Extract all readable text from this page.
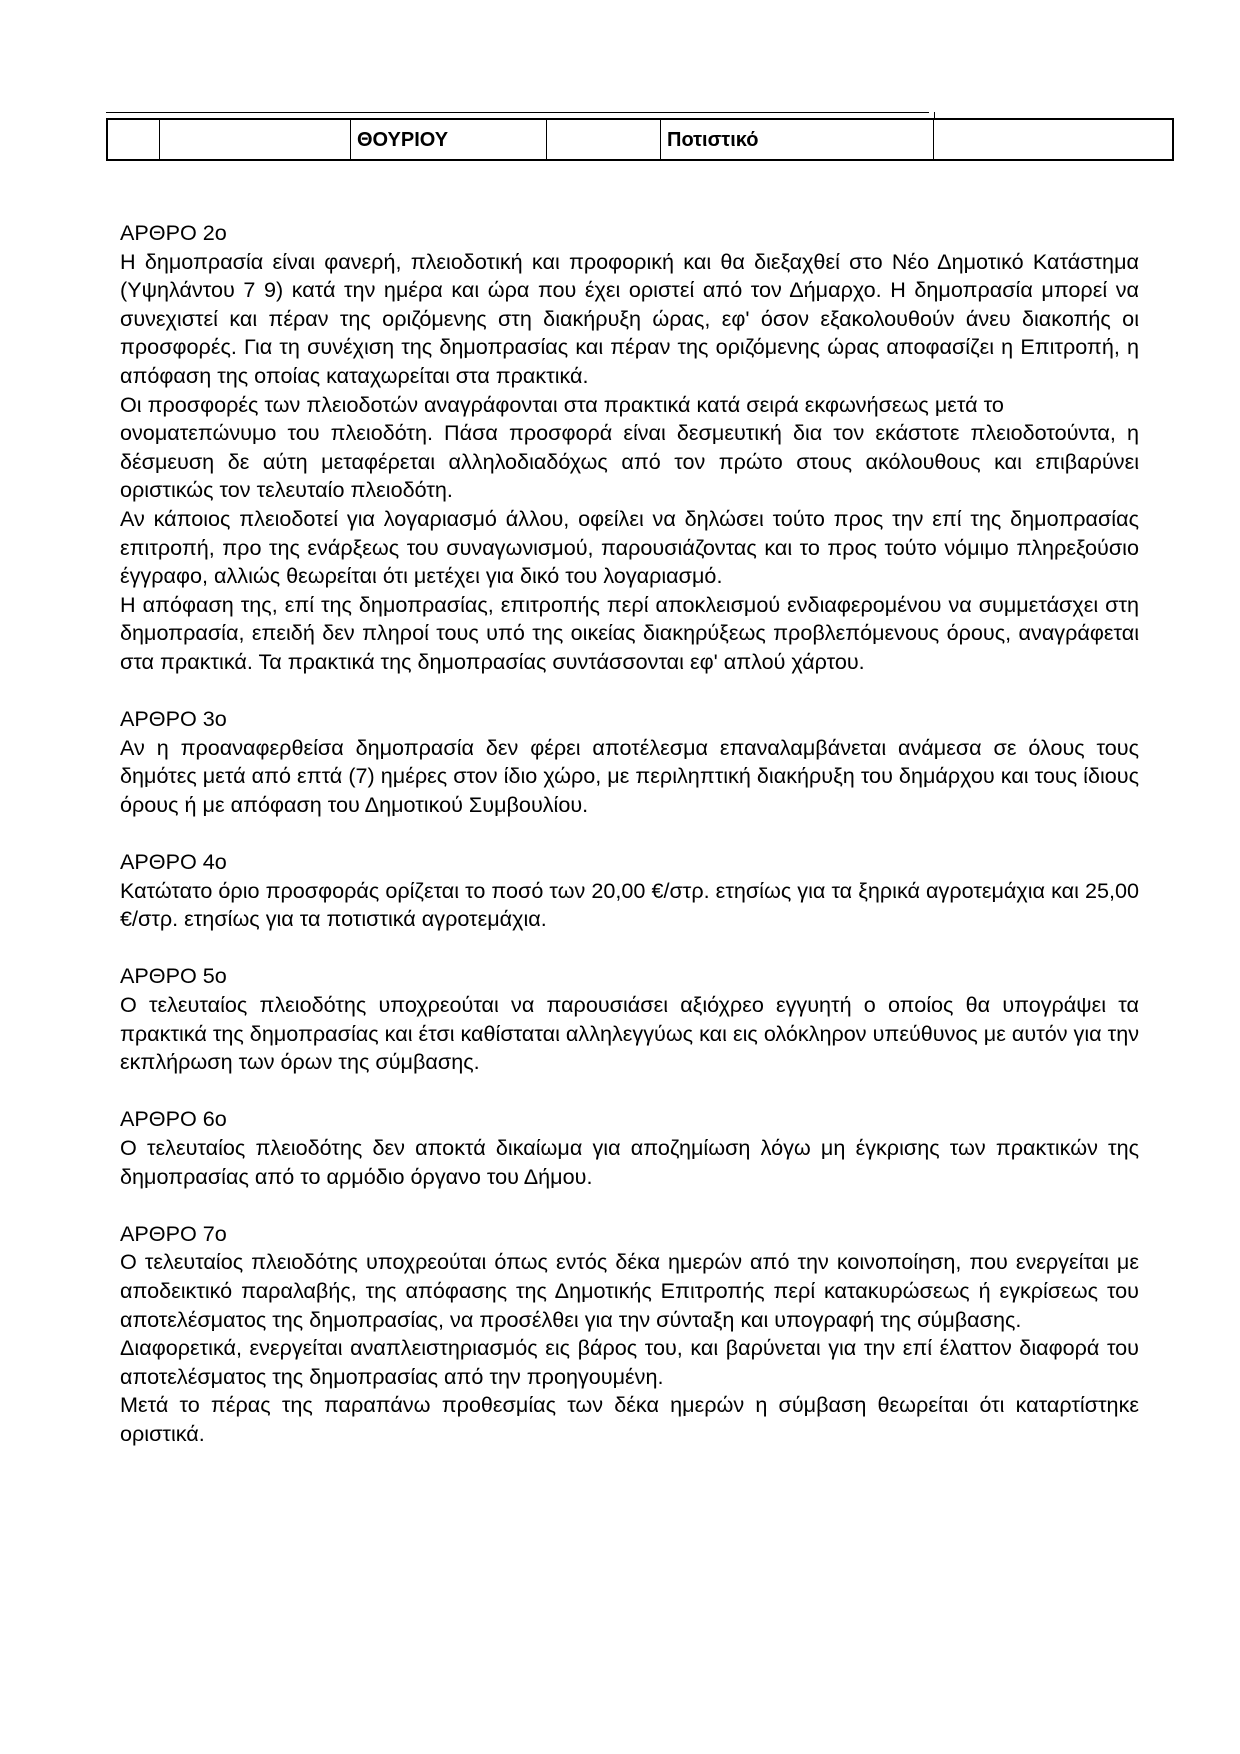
ΘΟΥΡΙΟΥ	Ποτιστικό

ΑΡΘΡΟ 2ο

Η δημοπρασία είναι φανερή, πλειοδοτική και προφορική και θα διεξαχθεί στο Νέο Δημοτικό Κατάστημα (Υψηλάντου 7 9) κατά την ημέρα και ώρα που έχει οριστεί από τον Δήμαρχο. Η δημοπρασία μπορεί να συνεχιστεί και πέραν της οριζόμενης στη διακήρυξη ώρας, εφ' όσον εξακολουθούν άνευ διακοπής οι προσφορές. Για τη συνέχιση της δημοπρασίας και πέραν της οριζόμενης ώρας αποφασίζει η Επιτροπή, η απόφαση της οποίας καταχωρείται στα πρακτικά.

Οι προσφορές των πλειοδοτών αναγράφονται στα πρακτικά κατά σειρά εκφωνήσεως μετά το

ονοματεπώνυμο του πλειοδότη. Πάσα προσφορά είναι δεσμευτική δια τον εκάστοτε πλειοδοτούντα, η δέσμευση δε αύτη μεταφέρεται αλληλοδιαδόχως από τον πρώτο στους ακόλουθους και επιβαρύνει οριστικώς τον τελευταίο πλειοδότη.

Αν κάποιος πλειοδοτεί για λογαριασμό άλλου, οφείλει να δηλώσει τούτο προς την επί της δημοπρασίας επιτροπή, προ της ενάρξεως του συναγωνισμού, παρουσιάζοντας και το προς τούτο νόμιμο πληρεξούσιο έγγραφο, αλλιώς θεωρείται ότι μετέχει για δικό του λογαριασμό.

Η απόφαση της, επί της δημοπρασίας, επιτροπής περί αποκλεισμού ενδιαφερομένου να συμμετάσχει στη δημοπρασία, επειδή δεν πληροί τους υπό της οικείας διακηρύξεως προβλεπόμενους όρους, αναγράφεται στα πρακτικά. Τα πρακτικά της δημοπρασίας συντάσσονται εφ' απλού χάρτου.

ΑΡΘΡΟ 3ο

Αν η προαναφερθείσα δημοπρασία δεν φέρει αποτέλεσμα επαναλαμβάνεται ανάμεσα σε όλους τους δημότες μετά από επτά (7) ημέρες στον ίδιο χώρο, με περιληπτική διακήρυξη του δημάρχου και τους ίδιους όρους ή με απόφαση του Δημοτικού Συμβουλίου.

ΑΡΘΡΟ 4ο

Κατώτατο όριο προσφοράς ορίζεται το ποσό των 20,00 €/στρ. ετησίως για τα ξηρικά αγροτεμάχια και 25,00 €/στρ. ετησίως για τα ποτιστικά αγροτεμάχια.

ΑΡΘΡΟ 5ο

Ο τελευταίος πλειοδότης υποχρεούται να παρουσιάσει αξιόχρεο εγγυητή ο οποίος θα υπογράψει τα πρακτικά της δημοπρασίας και έτσι καθίσταται αλληλεγγύως και εις ολόκληρον υπεύθυνος με αυτόν για την εκπλήρωση των όρων της σύμβασης.

ΑΡΘΡΟ 6ο

Ο τελευταίος πλειοδότης δεν αποκτά δικαίωμα για αποζημίωση λόγω μη έγκρισης των πρακτικών της δημοπρασίας από το αρμόδιο όργανο του Δήμου.

ΑΡΘΡΟ 7ο

Ο τελευταίος πλειοδότης υποχρεούται όπως εντός δέκα ημερών από την κοινοποίηση, που ενεργείται με αποδεικτικό παραλαβής, της απόφασης της Δημοτικής Επιτροπής περί κατακυρώσεως ή εγκρίσεως του αποτελέσματος της δημοπρασίας, να προσέλθει για την σύνταξη και υπογραφή της σύμβασης.

Διαφορετικά, ενεργείται αναπλειστηριασμός εις βάρος του, και βαρύνεται για την επί έλαττον διαφορά του αποτελέσματος της δημοπρασίας από την προηγουμένη.

Μετά το πέρας της παραπάνω προθεσμίας των δέκα ημερών η σύμβαση θεωρείται ότι καταρτίστηκε οριστικά.
